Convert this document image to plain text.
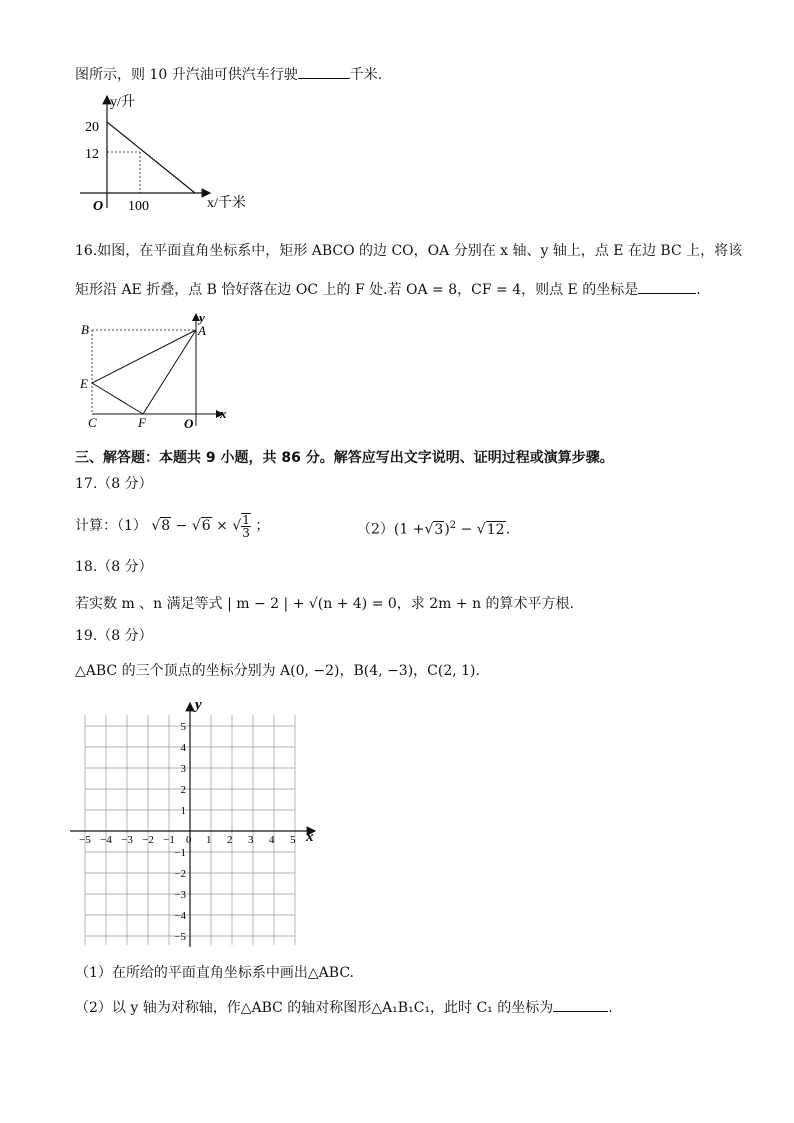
图所示，则 10 升汽油可供汽车行驶	千米.
y/升
x/千米
O
20
12
100
16.如图，在平面直角坐标系中，矩形 ABCO 的边 CO，OA 分别在 x 轴、y 轴上，点 E 在边 BC 上，将该
矩形沿 AE 折叠，点 B 恰好落在边 OC 上的 F 处.若 OA = 8，CF = 4，则点 E 的坐标是	.
B	A
E
C	F	O
x
y
三、解答题：本题共 9 小题，共 86 分。解答应写出文字说明、证明过程或演算步骤。
17.（8 分）
计算：（1） √8 − √6 × √ $\frac{1}{3}$ ；	$(2)(1 +√3)^2 - √12$.
18.（8 分）
若实数 m 、n 满足等式 | m − 2 | + √(n + 4) = 0，求 2m + n 的算术平方根.
19.（8 分）
△ABC 的三个顶点的坐标分别为 A(0, −2)，B(4, −3)，C(2, 1).
x
y
−5 −4 −3 −2 −1 0 1 2 3 4 5
5
4
3
2
1
−1
−2
−3
−4
−5
（1）在所给的平面直角坐标系中画出△ABC.
（2）以 y 轴为对称轴，作△ABC 的轴对称图形△A₁B₁C₁，此时 C₁ 的坐标为	.
